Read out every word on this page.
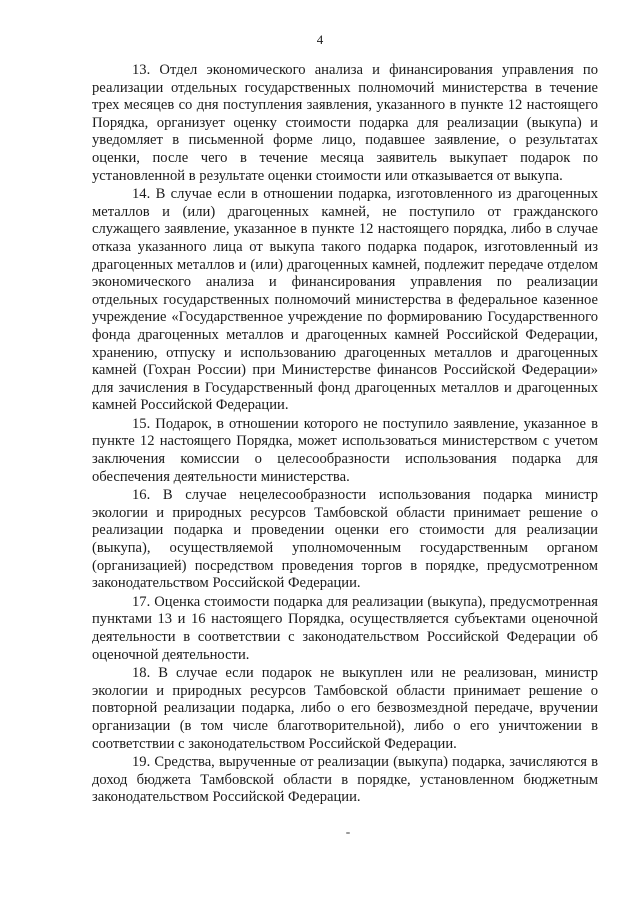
4

13. Отдел экономического анализа и финансирования управления по реализации отдельных государственных полномочий министерства в течение трех месяцев со дня поступления заявления, указанного в пункте 12 настоящего Порядка, организует оценку стоимости подарка для реализации (выкупа) и уведомляет в письменной форме лицо, подавшее заявление, о результатах оценки, после чего в течение месяца заявитель выкупает подарок по установленной в результате оценки стоимости или отказывается от выкупа.

14. В случае если в отношении подарка, изготовленного из драгоценных металлов и (или) драгоценных камней, не поступило от гражданского служащего заявление, указанное в пункте 12 настоящего порядка, либо в случае отказа указанного лица от выкупа такого подарка подарок, изготовленный из драгоценных металлов и (или) драгоценных камней, подлежит передаче отделом экономического анализа и финансирования управления по реализации отдельных государственных полномочий министерства в федеральное казенное учреждение «Государственное учреждение по формированию Государственного фонда драгоценных металлов и драгоценных камней Российской Федерации, хранению, отпуску и использованию драгоценных металлов и драгоценных камней (Гохран России) при Министерстве финансов Российской Федерации» для зачисления в Государственный фонд драгоценных металлов и драгоценных камней Российской Федерации.

15. Подарок, в отношении которого не поступило заявление, указанное в пункте 12 настоящего Порядка, может использоваться министерством с учетом заключения комиссии о целесообразности использования подарка для обеспечения деятельности министерства.

16. В случае нецелесообразности использования подарка министр экологии и природных ресурсов Тамбовской области принимает решение о реализации подарка и проведении оценки его стоимости для реализации (выкупа), осуществляемой уполномоченным государственным органом (организацией) посредством проведения торгов в порядке, предусмотренном законодательством Российской Федерации.

17. Оценка стоимости подарка для реализации (выкупа), предусмотренная пунктами 13 и 16 настоящего Порядка, осуществляется субъектами оценочной деятельности в соответствии с законодательством Российской Федерации об оценочной деятельности.

18. В случае если подарок не выкуплен или не реализован, министр экологии и природных ресурсов Тамбовской области принимает решение о повторной реализации подарка, либо о его безвозмездной передаче, вручении организации (в том числе благотворительной), либо о его уничтожении в соответствии с законодательством Российской Федерации.

19. Средства, вырученные от реализации (выкупа) подарка, зачисляются в доход бюджета Тамбовской области в порядке, установленном бюджетным законодательством Российской Федерации.
